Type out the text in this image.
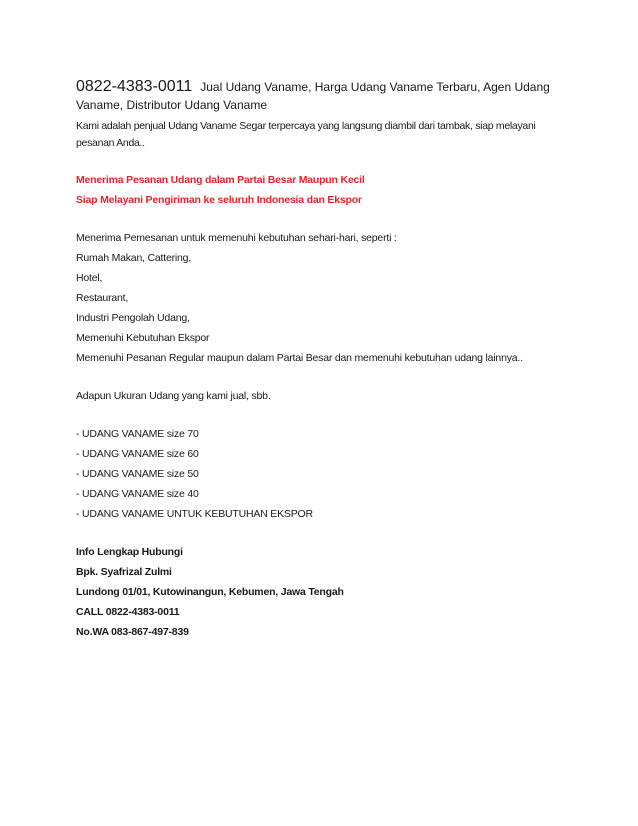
0822-4383-0011 Jual Udang Vaname, Harga Udang Vaname Terbaru, Agen Udang Vaname, Distributor Udang Vaname

Kami adalah penjual Udang Vaname Segar terpercaya yang langsung diambil dari tambak, siap melayani pesanan Anda..

Menerima Pesanan Udang dalam Partai Besar Maupun Kecil

Siap Melayani Pengiriman ke seluruh Indonesia dan Ekspor

Menerima Pemesanan untuk memenuhi kebutuhan sehari-hari, seperti :

Rumah Makan, Cattering,

Hotel,

Restaurant,

Industri Pengolah Udang,

Memenuhi Kebutuhan Ekspor

Memenuhi Pesanan Regular maupun dalam Partai Besar dan memenuhi kebutuhan udang lainnya..

Adapun Ukuran Udang yang kami jual, sbb.

- UDANG VANAME size 70

- UDANG VANAME size 60

- UDANG VANAME size 50

- UDANG VANAME size 40

- UDANG VANAME UNTUK KEBUTUHAN EKSPOR

Info Lengkap Hubungi

Bpk. Syafrizal Zulmi

Lundong 01/01, Kutowinangun, Kebumen, Jawa Tengah

CALL 0822-4383-0011

No.WA 083-867-497-839
